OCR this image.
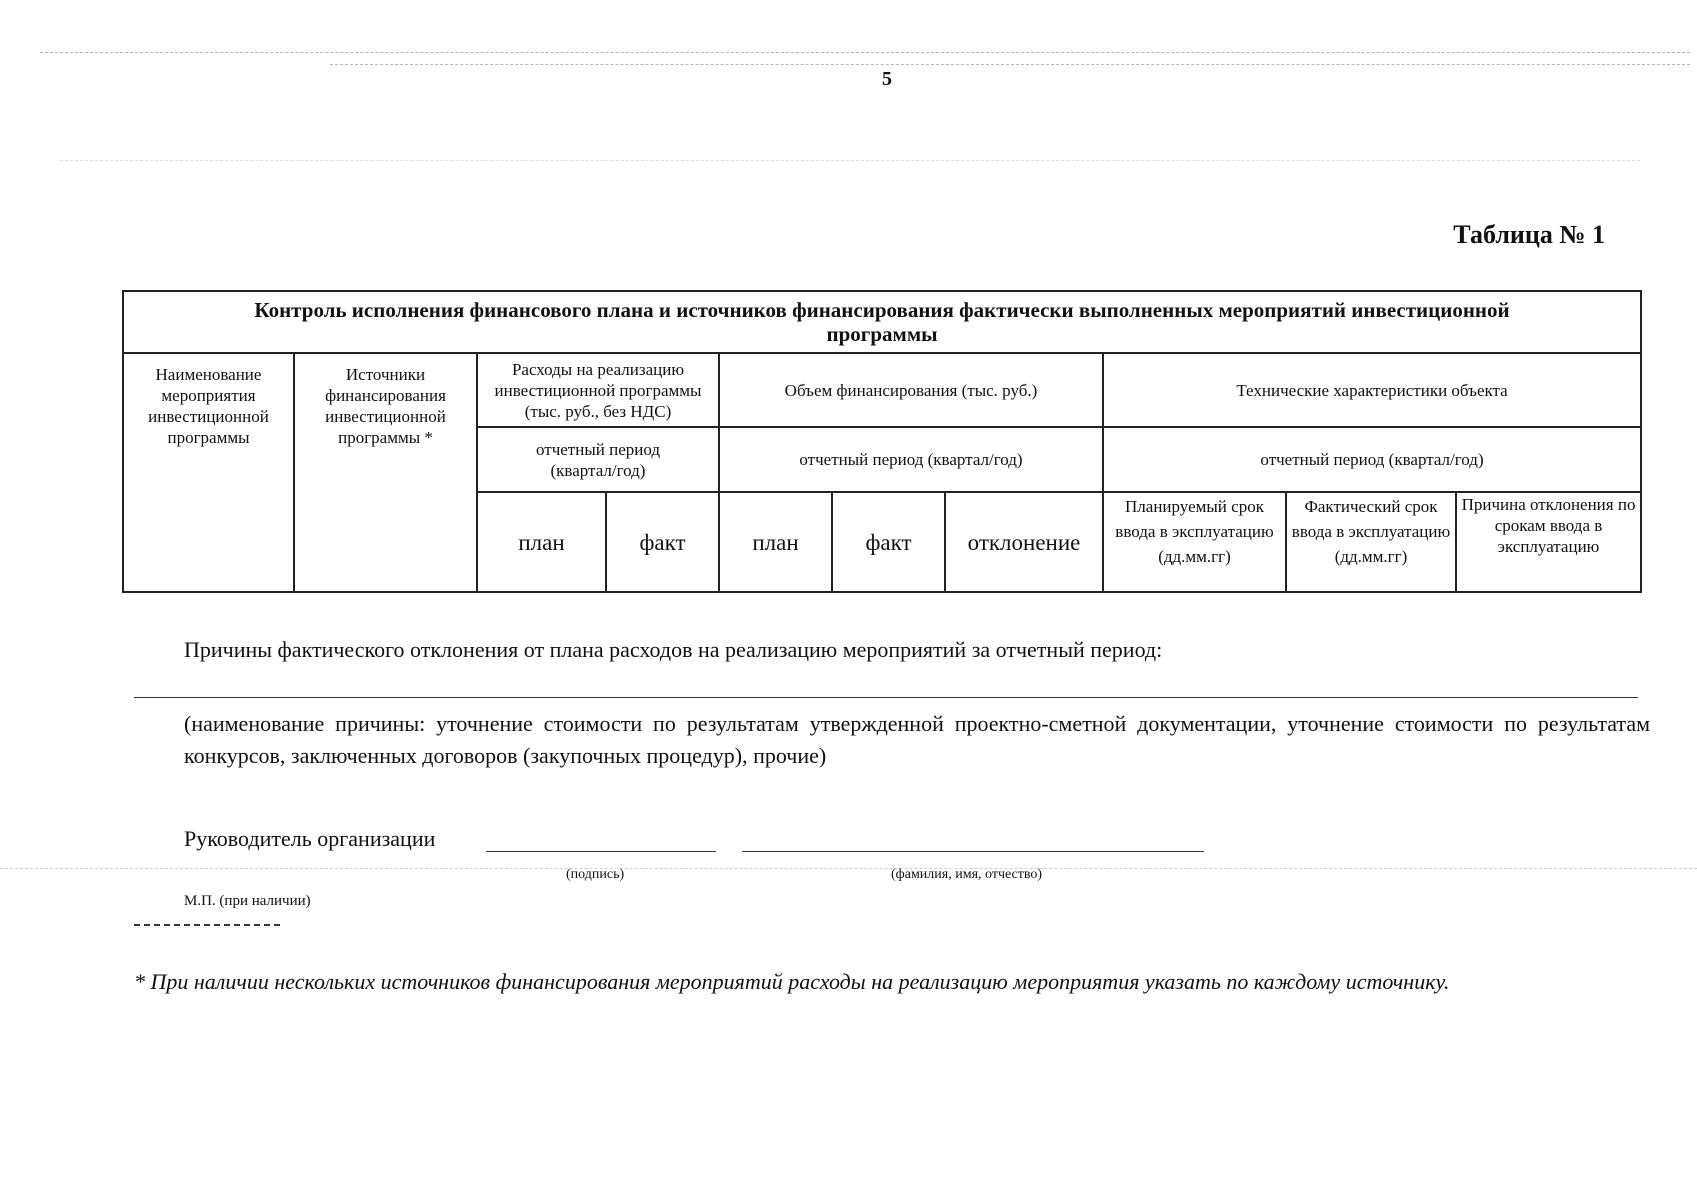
5
Таблица № 1
Контроль исполнения финансового плана и источников финансирования фактически выполненных мероприятий инвестиционной программы									
Наименование мероприятия инвестиционной программы	Источники финансирования инвестиционной программы *	Расходы на реализацию инвестиционной программы (тыс. руб., без НДС)		Объем финансирования (тыс. руб.)			Технические характеристики объекта		
		отчетный период (квартал/год)		отчетный период (квартал/год)			отчетный период (квартал/год)		
		план	факт	план	факт	отклонение	Планируемый срок ввода в эксплуатацию (дд.мм.гг)	Фактический срок ввода в эксплуатацию (дд.мм.гг)	Причина отклонения по срокам ввода в эксплуатацию
Причины фактического отклонения от плана расходов на реализацию мероприятий за отчетный период:
(наименование причины: уточнение стоимости по результатам утвержденной проектно-сметной документации, уточнение стоимости по результатам конкурсов, заключенных договоров (закупочных процедур), прочие)
Руководитель организации
(подпись)	(фамилия, имя, отчество)
М.П. (при наличии)
* При наличии нескольких источников финансирования мероприятий расходы на реализацию мероприятия указать по каждому источнику.
